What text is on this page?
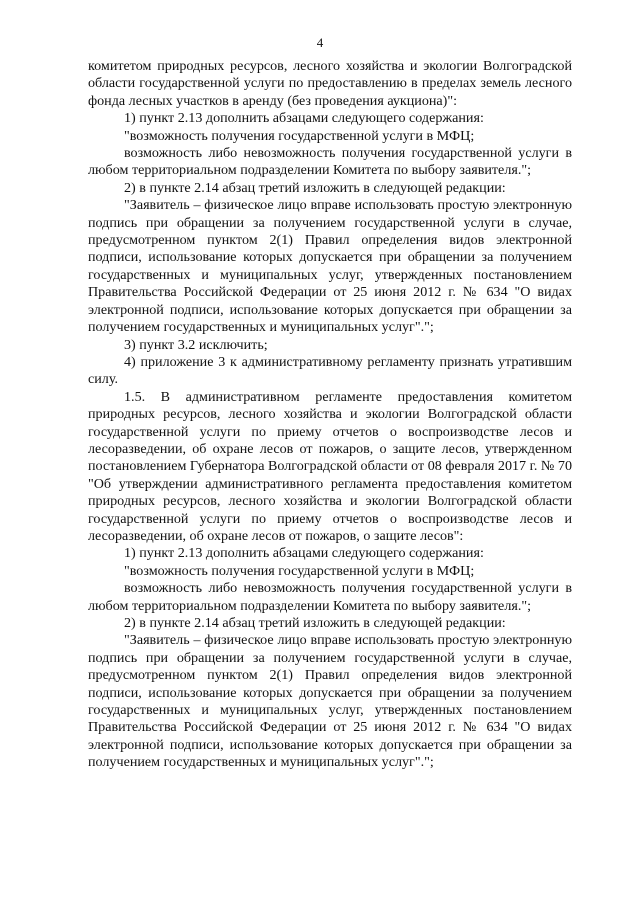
4

комитетом природных ресурсов, лесного хозяйства и экологии Волгоградской области государственной услуги по предоставлению в пределах земель лесного фонда лесных участков в аренду (без проведения аукциона)":

1) пункт 2.13 дополнить абзацами следующего содержания:

"возможность получения государственной услуги в МФЦ;

возможность либо невозможность получения государственной услуги в любом территориальном подразделении Комитета по выбору заявителя.";

2) в пункте 2.14 абзац третий изложить в следующей редакции:

"Заявитель – физическое лицо вправе использовать простую электронную подпись при обращении за получением государственной услуги в случае, предусмотренном пунктом 2(1) Правил определения видов электронной подписи, использование которых допускается при обращении за получением государственных и муниципальных услуг, утвержденных постановлением Правительства Российской Федерации от 25 июня 2012 г. № 634 "О видах электронной подписи, использование которых допускается при обращении за получением государственных и муниципальных услуг".";

3) пункт 3.2 исключить;

4) приложение 3 к административному регламенту признать утратившим силу.

1.5. В административном регламенте предоставления комитетом природных ресурсов, лесного хозяйства и экологии Волгоградской области государственной услуги по приему отчетов о воспроизводстве лесов и лесоразведении, об охране лесов от пожаров, о защите лесов, утвержденном постановлением Губернатора Волгоградской области от 08 февраля 2017 г. № 70 "Об утверждении административного регламента предоставления комитетом природных ресурсов, лесного хозяйства и экологии Волгоградской области государственной услуги по приему отчетов о воспроизводстве лесов и лесоразведении, об охране лесов от пожаров, о защите лесов":

1) пункт 2.13 дополнить абзацами следующего содержания:

"возможность получения государственной услуги в МФЦ;

возможность либо невозможность получения государственной услуги в любом территориальном подразделении Комитета по выбору заявителя.";

2) в пункте 2.14 абзац третий изложить в следующей редакции:

"Заявитель – физическое лицо вправе использовать простую электронную подпись при обращении за получением государственной услуги в случае, предусмотренном пунктом 2(1) Правил определения видов электронной подписи, использование которых допускается при обращении за получением государственных и муниципальных услуг, утвержденных постановлением Правительства Российской Федерации от 25 июня 2012 г. № 634 "О видах электронной подписи, использование которых допускается при обращении за получением государственных и муниципальных услуг".";
